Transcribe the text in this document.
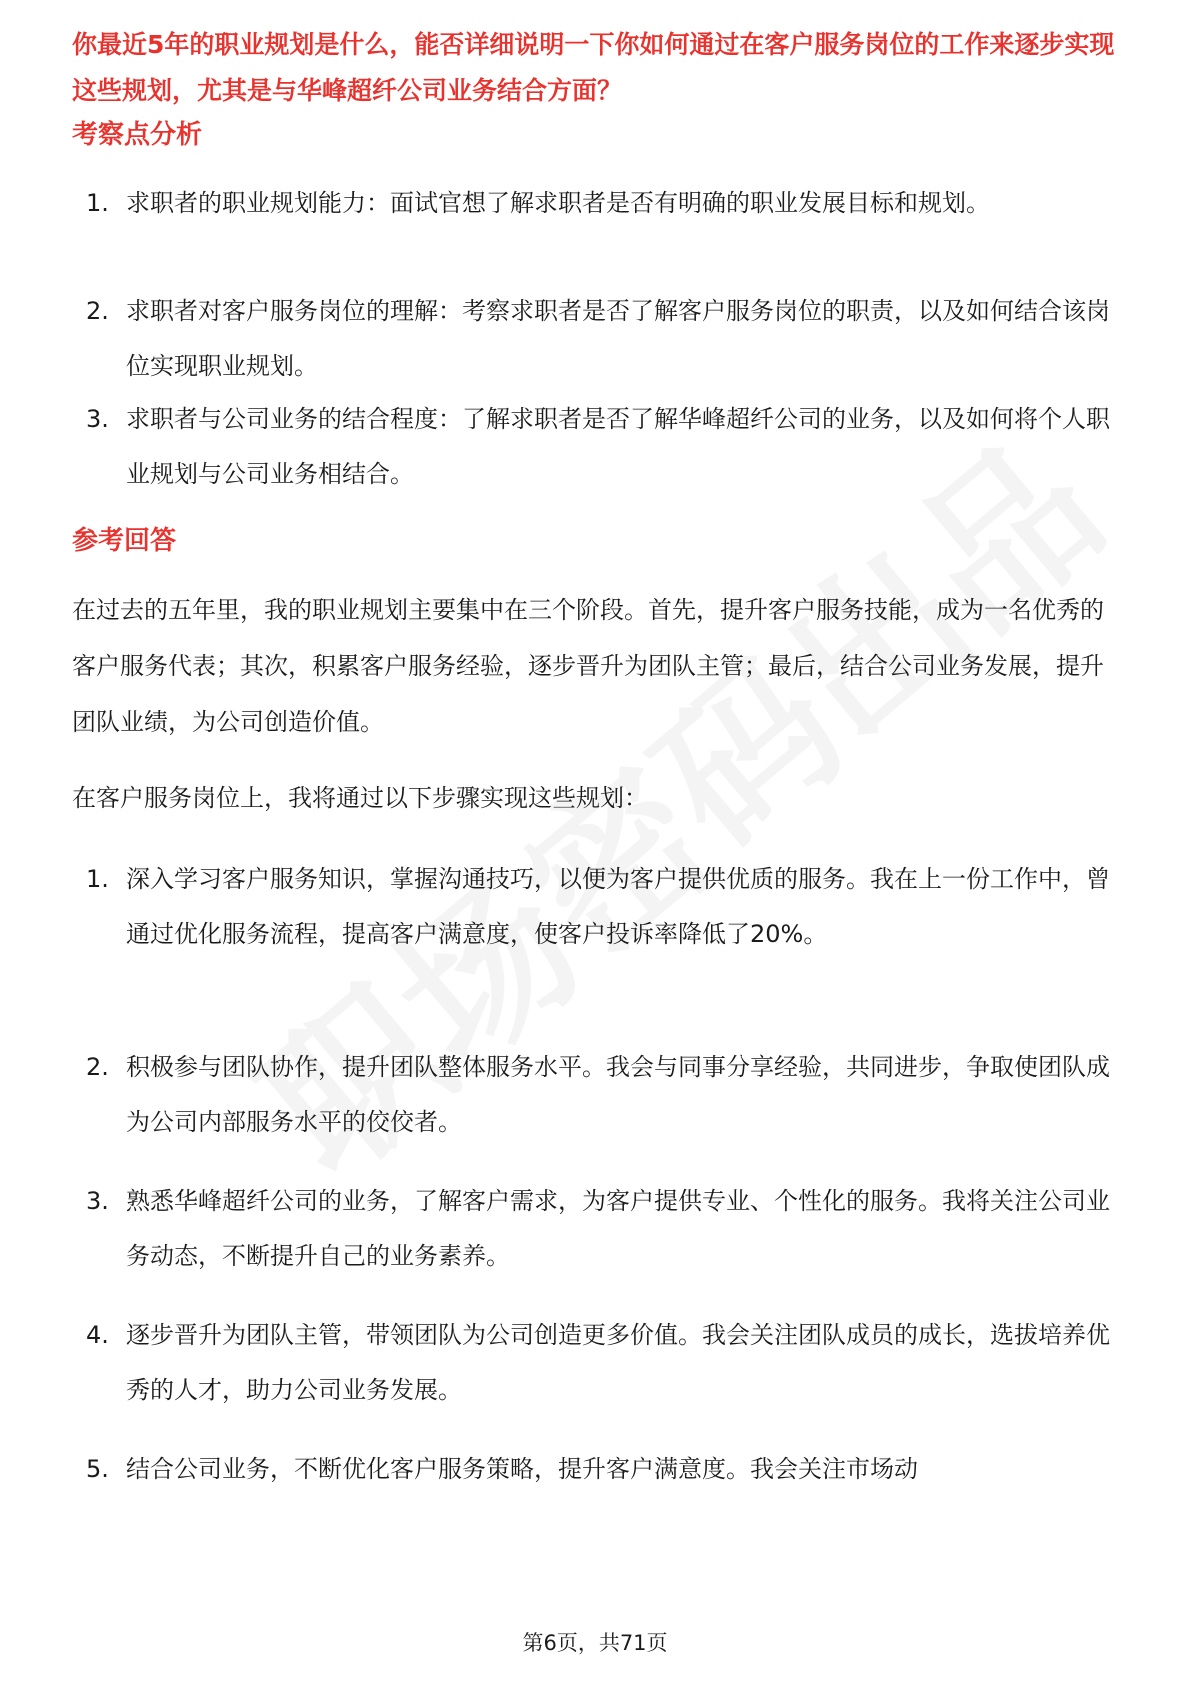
你最近5年的职业规划是什么，能否详细说明一下你如何通过在客户服务岗位的工作来逐步实现这些规划，尤其是与华峰超纤公司业务结合方面？

考察点分析
1. 求职者的职业规划能力：面试官想了解求职者是否有明确的职业发展目标和规划。

2. 求职者对客户服务岗位的理解：考察求职者是否了解客户服务岗位的职责，以及如何结合该岗位实现职业规划。

3. 求职者与公司业务的结合程度：了解求职者是否了解华峰超纤公司的业务，以及如何将个人职业规划与公司业务相结合。

参考回答

在过去的五年里，我的职业规划主要集中在三个阶段。首先，提升客户服务技能，成为一名优秀的客户服务代表；其次，积累客户服务经验，逐步晋升为团队主管；最后，结合公司业务发展，提升团队业绩，为公司创造价值。

在客户服务岗位上，我将通过以下步骤实现这些规划：

1. 深入学习客户服务知识，掌握沟通技巧，以便为客户提供优质的服务。我在上一份工作中，曾通过优化服务流程，提高客户满意度，使客户投诉率降低了20%。

2. 积极参与团队协作，提升团队整体服务水平。我会与同事分享经验，共同进步，争取使团队成为公司内部服务水平的佼佼者。

3. 熟悉华峰超纤公司的业务，了解客户需求，为客户提供专业、个性化的服务。我将关注公司业务动态，不断提升自己的业务素养。

4. 逐步晋升为团队主管，带领团队为公司创造更多价值。我会关注团队成员的成长，选拔培养优秀的人才，助力公司业务发展。

5. 结合公司业务，不断优化客户服务策略，提升客户满意度。我会关注市场动

第6页，共71页
